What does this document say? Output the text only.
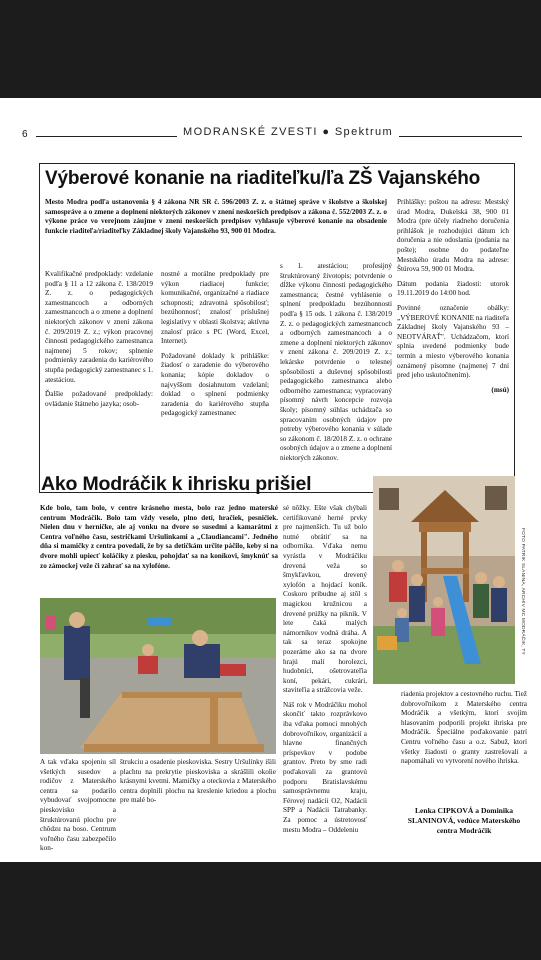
6	MODRANSKÉ ZVESTI ● Spektrum
Výberové konanie na riaditeľku/ľa ZŠ Vajanského
Mesto Modra podľa ustanovenia § 4 zákona NR SR č. 596/2003 Z. z. o štátnej správe v školstve a školskej samospráve a o zmene a doplnení niektorých zákonov v znení neskorších predpisov a zákona č. 552/2003 Z. z. o výkone práce vo verejnom záujme v znení neskorších predpisov vyhlasuje výberové konanie na obsadenie funkcie riaditeľa/riaditeľky Základnej školy Vajanského 93, 900 01 Modra.

Kvalifikačné predpoklady: vzdelanie podľa § 11 a 12 zákona č. 138/2019 Z. z. o pedagogických zamestnancoch a odborných zamestnancoch a o zmene a doplnení niektorých zákonov v znení zákona č. 209/2019 Z. z.; výkon pracovnej činnosti pedagogického zamestnanca najmenej 5 rokov; splnenie podmienky zaradenia do kariérového stupňa pedagogický zamestnanec s 1. atestáciou.

Ďalšie požadované predpoklady: ovládanie štátneho jazyka; osob-

nostné a morálne predpoklady pre výkon riadiacej funkcie; komunikačné, organizačné a riadiace schopnosti; zdravotná spôsobilosť; bezúhonnosť; znalosť príslušnej legislatívy v oblasti školstva; aktívna znalosť práce s PC (Word, Excel, Internet).

Požadované doklady k prihláške: žiadosť o zaradenie do výberového konania; kópie dokladov o najvyššom dosiahnutom vzdelaní; doklad o splnení podmienky zaradenia do kariérového stupňa pedagogický zamestnanec

s 1. atestáciou; profesijný štruktúrovaný životopis; potvrdenie o dĺžke výkonu činnosti pedagogického zamestnanca; čestné vyhlásenie o splnení predpokladu bezúhonnosti podľa § 15 ods. 1 zákona č. 138/2019 Z. z. o pedagogických zamestnancoch a odborných zamestnancoch a o zmene a doplnení niektorých zákonov v znení zákona č. 209/2019 Z. z.; lekárske potvrdenie o telesnej spôsobilosti a duševnej spôsobilosti pedagogického zamestnanca alebo odborného zamestnanca; vypracovaný písomný návrh koncepcie rozvoja školy; písomný súhlas uchádzača so spracovaním osobných údajov pre potreby výberového konania v súlade so zákonom č. 18/2018 Z. z. o ochrane osobných údajov a o zmene a doplnení niektorých zákonov.

Prihlášky: poštou na adresu: Mestský úrad Modra, Dukelská 38, 900 01 Modra (pre účely riadneho doručenia prihlášok je rozhodujúci dátum ich doručenia a nie odoslania (podania na pošte); osobne do podateľne Mestského úradu Modra na adrese: Štúrova 59, 900 01 Modra.

Dátum podania žiadosti: utorok 19.11.2019 do 14:00 hod.

Povinné označenie obálky: „VÝBEROVÉ KONANIE na riaditeľa Základnej školy Vajanského 93 – NEOTVÁRAŤ". Uchádzačom, ktorí splnia uvedené podmienky bude termín a miesto výberového konania oznámený písomne (najmenej 7 dní pred jeho uskutočnením).

(msú)

Ako Modráčik k ihrisku prišiel
Kde bolo, tam bolo, v centre krásneho mesta, bolo raz jedno materské centrum Modráčik. Bolo tam vždy veselo, plno detí, hračiek, pesničiek. Nielen dnu v herničke, ale aj vonku na dvore so susedmi a kamarátmi z Centra voľného času, sestričkami Uršulinkami a „Claudiancami". Jedného dňa si mamičky z centra povedali, že by sa detičkám určite páčilo, keby si na dvore mohli upiecť koláčiky z piesku, pohojdať sa na koníkovi, šmyknúť sa zo zámockej veže či zahrať sa na xylofóne.

sé nôžky. Ešte však chýbali certifikované herné prvky pre najmenších. Tu už bolo nutné obrátiť sa na odborníka. Vďaka nemu vyrástla v Modráčiku drevená veža so šmykľavkou, drevený xylofón a hojdací koník. Coskoro pribudne aj stôl s magickou kružnicou a drevené prúžky na piknik. V lete čaká malých námorníkov vodná dráha. A tak sa teraz spokojne pozeráme ako sa na dvore hrajú malí horolezci, hudobníci, ošetrovateľia koní, pekári, cukrári, staviteľia a strážcovia veže.

Náš rok v Modráčiku mohol skončiť takto rozprávkovo iba vďaka pomoci mnohých dobrovoľníkov, organizácií a hlavne finančných príspevkov v podobe grantov. Preto by sme radi poďakovali za grantovú podporu Bratislavskému samosprávnemu kraju, Férovej nadácii O2, Nadácii SPP a Nadácii Tatrabanky. Za pomoc a ústretovosť mestu Modra – Oddeleniu

FOTO PATRIK SLANINA, ARCHÍV MC MODRÁČIK, TY

A tak vďaka spojeniu síl všetkých susedov a rodičov z Materského centra sa podarilo vybudovať svojpomocne pieskovisko a štruktúrovanú plochu pre chôdzu na boso. Centrum voľného času zabezpečilo kon-

štrukciu a osadenie pieskoviska. Sestry Uršulínky išili plachtu na prekrytie pieskoviska a skrášlili okolie krásnymi kvetmi. Mamičky a oteckovia z Materského centra doplnili plochu na kreslenie kriedou a plochu pre malé bo-

riadenia projektov a cestovného ruchu. Tiež dobrovoľníkom z Materského centra Modráčik a všetkým, ktorí svojím hlasovaním podporili projekt ihriska pre Modráčik. Špeciálne poďakovanie patrí Centru voľného času a o.z. Sabuž, ktorí všetky žiadosti o granty zastrešovali a napomáhali vo vytvorení nového ihriska.

Lenka CIPKOVÁ a Dominika SLANINOVÁ, vedúce Materského centra Modráčik
